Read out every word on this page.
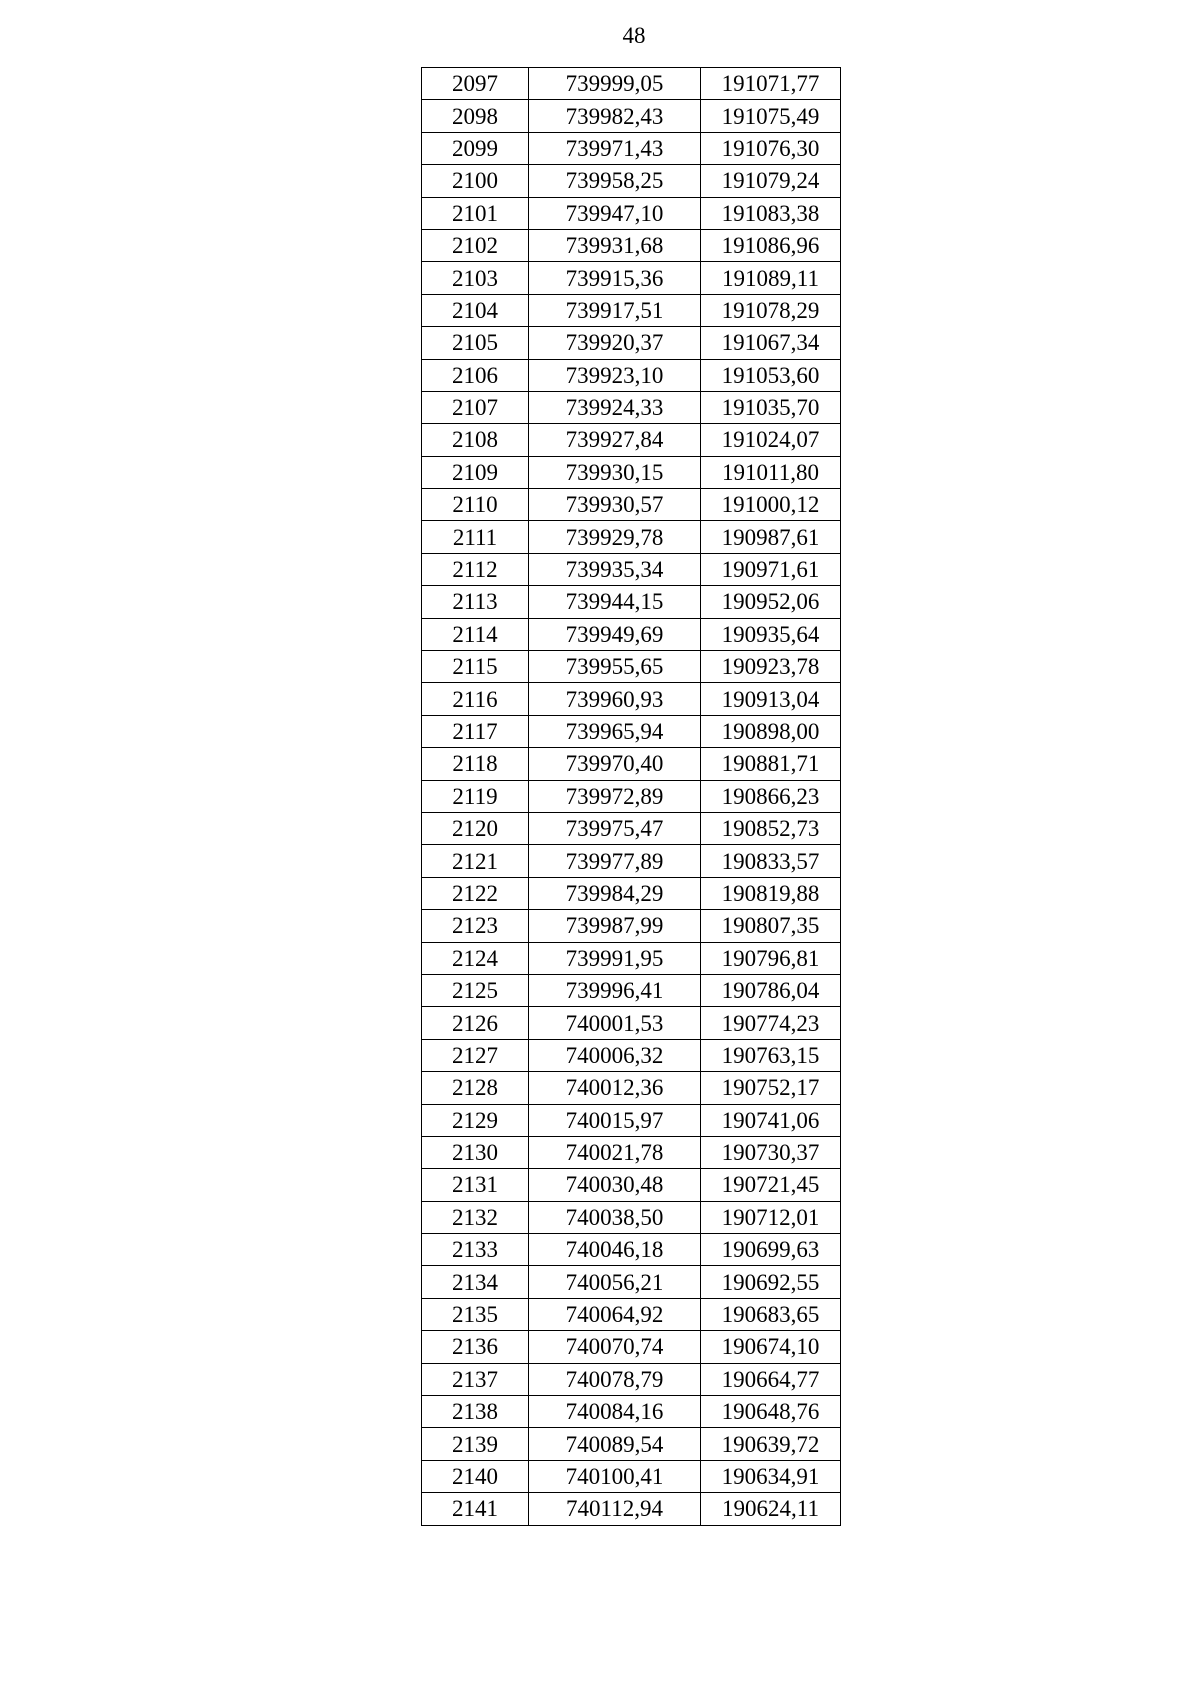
48
2097	739999,05	191071,77
2098	739982,43	191075,49
2099	739971,43	191076,30
2100	739958,25	191079,24
2101	739947,10	191083,38
2102	739931,68	191086,96
2103	739915,36	191089,11
2104	739917,51	191078,29
2105	739920,37	191067,34
2106	739923,10	191053,60
2107	739924,33	191035,70
2108	739927,84	191024,07
2109	739930,15	191011,80
2110	739930,57	191000,12
2111	739929,78	190987,61
2112	739935,34	190971,61
2113	739944,15	190952,06
2114	739949,69	190935,64
2115	739955,65	190923,78
2116	739960,93	190913,04
2117	739965,94	190898,00
2118	739970,40	190881,71
2119	739972,89	190866,23
2120	739975,47	190852,73
2121	739977,89	190833,57
2122	739984,29	190819,88
2123	739987,99	190807,35
2124	739991,95	190796,81
2125	739996,41	190786,04
2126	740001,53	190774,23
2127	740006,32	190763,15
2128	740012,36	190752,17
2129	740015,97	190741,06
2130	740021,78	190730,37
2131	740030,48	190721,45
2132	740038,50	190712,01
2133	740046,18	190699,63
2134	740056,21	190692,55
2135	740064,92	190683,65
2136	740070,74	190674,10
2137	740078,79	190664,77
2138	740084,16	190648,76
2139	740089,54	190639,72
2140	740100,41	190634,91
2141	740112,94	190624,11
